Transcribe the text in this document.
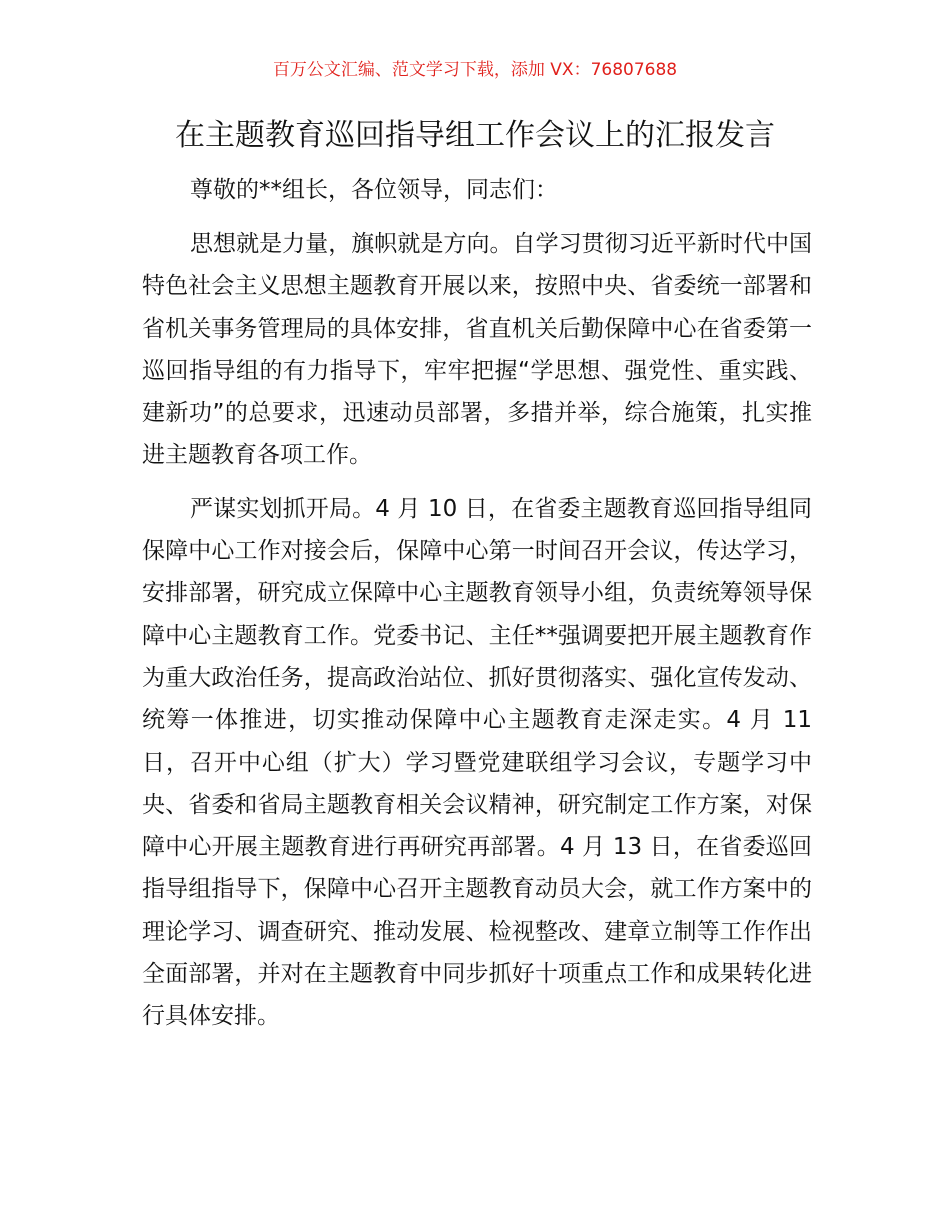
百万公文汇编、范文学习下载，添加 VX：76807688
在主题教育巡回指导组工作会议上的汇报发言

尊敬的**组长，各位领导，同志们：

思想就是力量，旗帜就是方向。自学习贯彻习近平新时代中国特色社会主义思想主题教育开展以来，按照中央、省委统一部署和省机关事务管理局的具体安排，省直机关后勤保障中心在省委第一巡回指导组的有力指导下，牢牢把握“学思想、强党性、重实践、建新功”的总要求，迅速动员部署，多措并举，综合施策，扎实推进主题教育各项工作。

严谋实划抓开局。4 月 10 日，在省委主题教育巡回指导组同保障中心工作对接会后，保障中心第一时间召开会议，传达学习，安排部署，研究成立保障中心主题教育领导小组，负责统筹领导保障中心主题教育工作。党委书记、主任**强调要把开展主题教育作为重大政治任务，提高政治站位、抓好贯彻落实、强化宣传发动、统筹一体推进，切实推动保障中心主题教育走深走实。4 月 11 日，召开中心组（扩大）学习暨党建联组学习会议，专题学习中央、省委和省局主题教育相关会议精神，研究制定工作方案，对保障中心开展主题教育进行再研究再部署。4 月 13 日，在省委巡回指导组指导下，保障中心召开主题教育动员大会，就工作方案中的理论学习、调查研究、推动发展、检视整改、建章立制等工作作出全面部署，并对在主题教育中同步抓好十项重点工作和成果转化进行具体安排。
